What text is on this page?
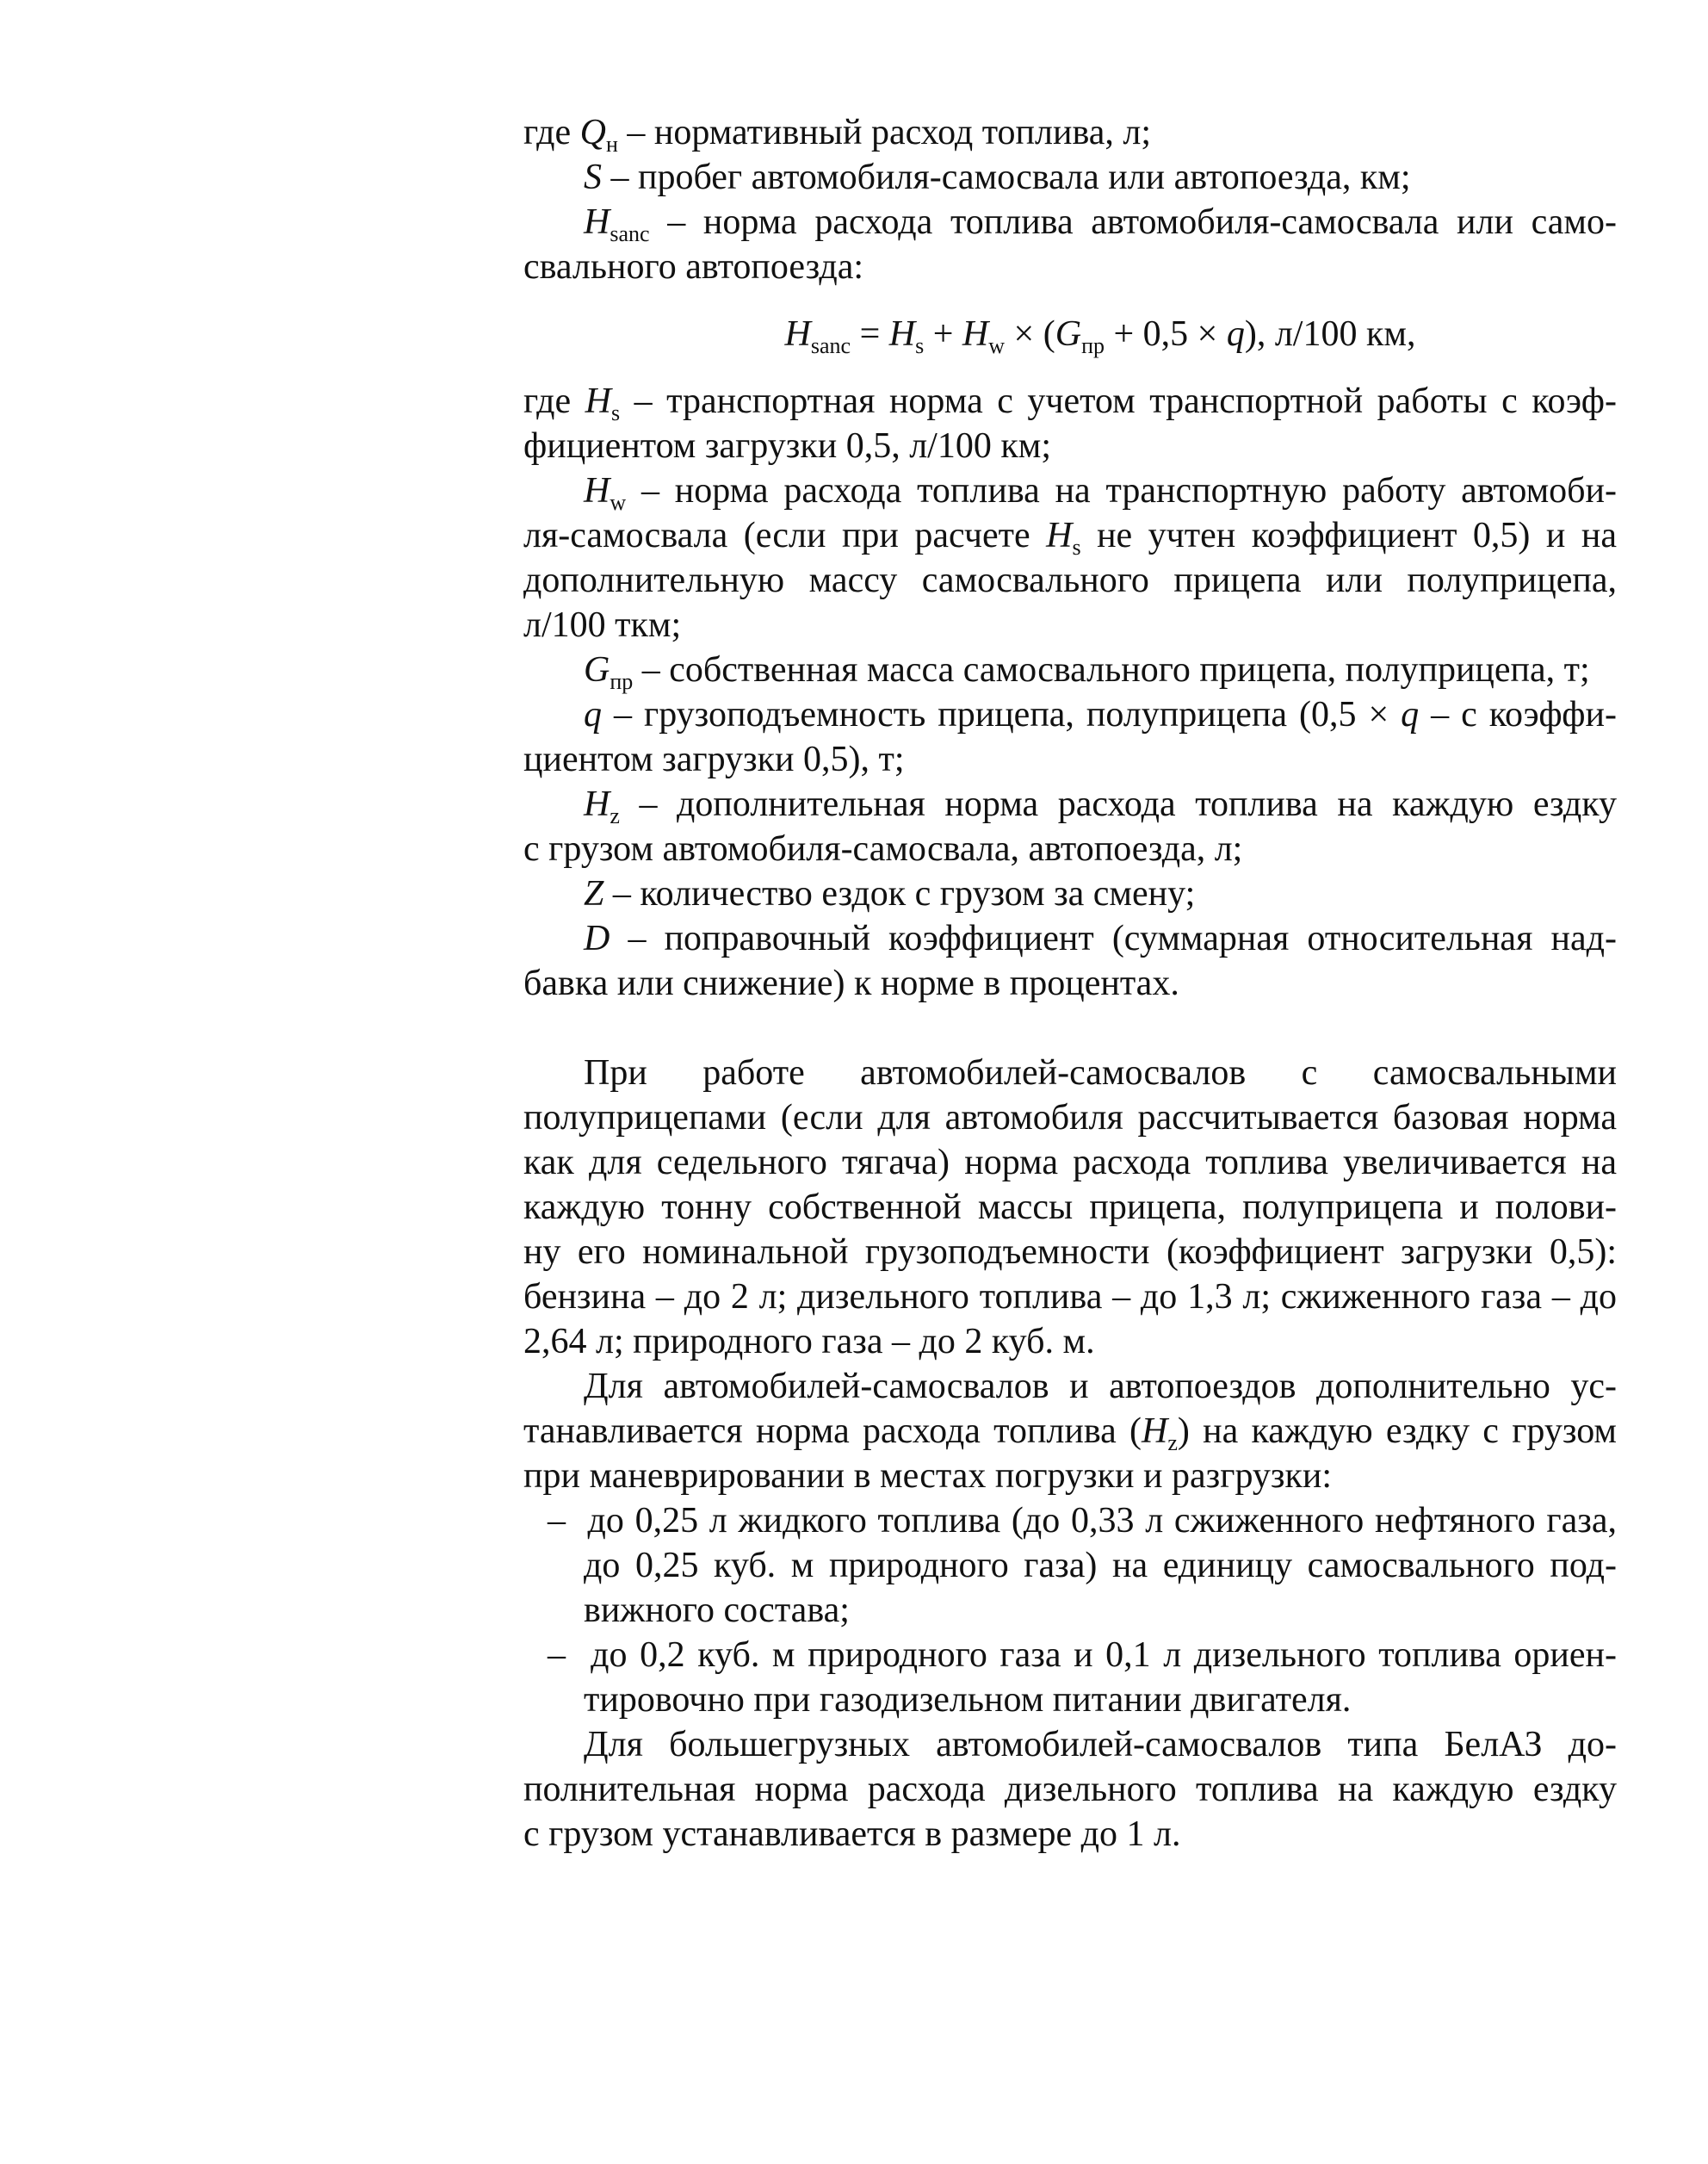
где $Q_н$ – нормативный расход топлива, л;
S – пробег автомобиля-самосвала или автопоезда, км;
$H_{sanc}$ – норма расхода топлива автомобиля-самосвала или само-
свального автопоезда:
$H_{sanc} = H_s + H_w \times (G_{пр} + 0,5 \times q)$, л/100 км,
где $H_s$ – транспортная норма с учетом транспортной работы с коэф-
фициентом загрузки 0,5, л/100 км;
$H_w$ – норма расхода топлива на транспортную работу автомоби-
ля-самосвала (если при расчете $H_s$ не учтен коэффициент 0,5) и на
дополнительную массу самосвального прицепа или полуприцепа,
л/100 ткм;
$G_{пр}$ – собственная масса самосвального прицепа, полуприцепа, т;
q – грузоподъемность прицепа, полуприцепа (0,5 × q – с коэффи-
циентом загрузки 0,5), т;
$H_z$ – дополнительная норма расхода топлива на каждую ездку
с грузом автомобиля-самосвала, автопоезда, л;
Z – количество ездок с грузом за смену;
D – поправочный коэффициент (суммарная относительная над-
бавка или снижение) к норме в процентах.
При работе автомобилей-самосвалов с самосвальными
полуприцепами (если для автомобиля рассчитывается базовая норма
как для седельного тягача) норма расхода топлива увеличивается на
каждую тонну собственной массы прицепа, полуприцепа и полови-
ну его номинальной грузоподъемности (коэффициент загрузки 0,5):
бензина – до 2 л; дизельного топлива – до 1,3 л; сжиженного газа – до
2,64 л; природного газа – до 2 куб. м.
Для автомобилей-самосвалов и автопоездов дополнительно ус-
танавливается норма расхода топлива $(H_z)$ на каждую ездку с грузом
при маневрировании в местах погрузки и разгрузки:
– до 0,25 л жидкого топлива (до 0,33 л сжиженного нефтяного газа,
до 0,25 куб. м природного газа) на единицу самосвального под-
вижного состава;
– до 0,2 куб. м природного газа и 0,1 л дизельного топлива ориен-
тировочно при газодизельном питании двигателя.
Для большегрузных автомобилей-самосвалов типа БелАЗ до-
полнительная норма расхода дизельного топлива на каждую ездку
с грузом устанавливается в размере до 1 л.
